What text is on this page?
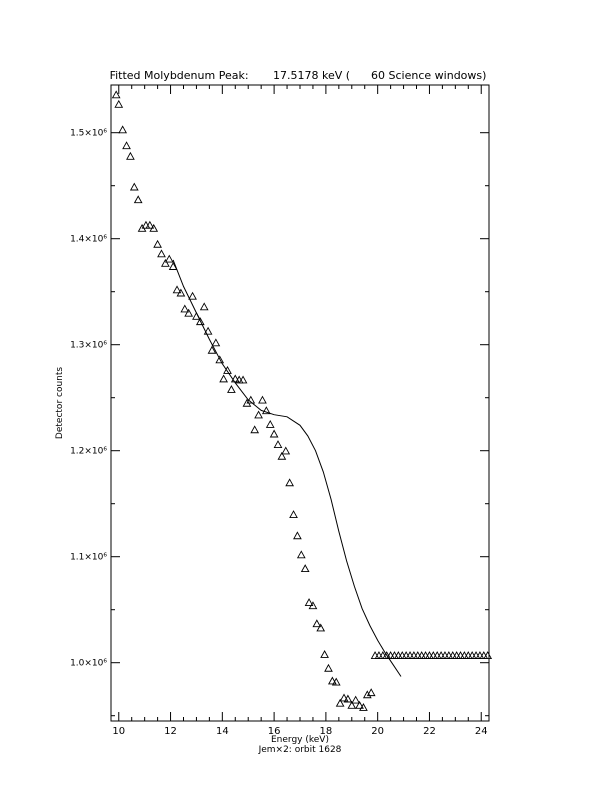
Fitted Molybdenum Peak:       17.5178 keV (      60 Science windows)
Detector counts
Energy (keV)
Jem×2: orbit 1628
10	12	14	16	18	20	22	24
1.0×10⁶
1.1×10⁶
1.2×10⁶
1.3×10⁶
1.4×10⁶
1.5×10⁶
